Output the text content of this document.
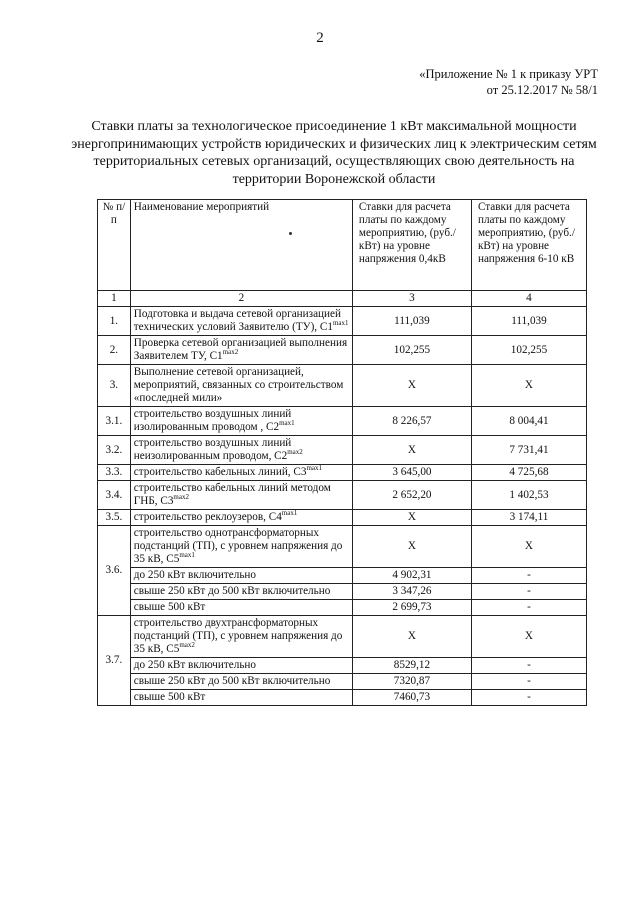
2
«Приложение № 1 к приказу УРТ
от 25.12.2017 № 58/1
Ставки платы за технологическое присоединение 1 кВт максимальной мощности энергопринимающих устройств юридических и физических лиц к электрическим сетям территориальных сетевых организаций, осуществляющих свою деятельность на территории Воронежской области
№ п/п	Наименование мероприятий	Ставки для расчета платы по каждому мероприятию, (руб./кВт) на уровне напряжения 0,4кВ	Ставки для расчета платы по каждому мероприятию, (руб./кВт) на уровне напряжения 6-10 кВ
1	2	3	4
1.	Подготовка и выдача сетевой организацией технических условий Заявителю (ТУ), $С1^{max1}$	111,039	111,039
2.	Проверка сетевой организацией выполнения Заявителем ТУ, $С1^{max2}$	102,255	102,255
3.	Выполнение сетевой организацией, мероприятий, связанных со строительством «последней мили»	X	X
3.1.	строительство воздушных линий изолированным проводом , $С2^{max1}$	8 226,57	8 004,41
3.2.	строительство воздушных линий неизолированным проводом, $С2^{max2}$	X	7 731,41
3.3.	строительство кабельных линий, $С3^{max1}$	3 645,00	4 725,68
3.4.	строительство кабельных линий методом ГНБ, $С3^{max2}$	2 652,20	1 402,53
3.5.	строительство реклоузеров, $С4^{max1}$	X	3 174,11
3.6.	строительство однотрансформаторных подстанций (ТП), с уровнем напряжения до 35 кВ, $С5^{max1}$	X	X
	до 250 кВт включительно	4 902,31	-
	свыше 250 кВт до 500 кВт включительно	3 347,26	-
	свыше 500 кВт	2 699,73	-
3.7.	строительство двухтрансформаторных подстанций (ТП), с уровнем напряжения до 35 кВ, $С5^{max2}$	X	X
	до 250 кВт включительно	8529,12	-
	свыше 250 кВт до 500 кВт включительно	7320,87	-
	свыше 500 кВт	7460,73	-
